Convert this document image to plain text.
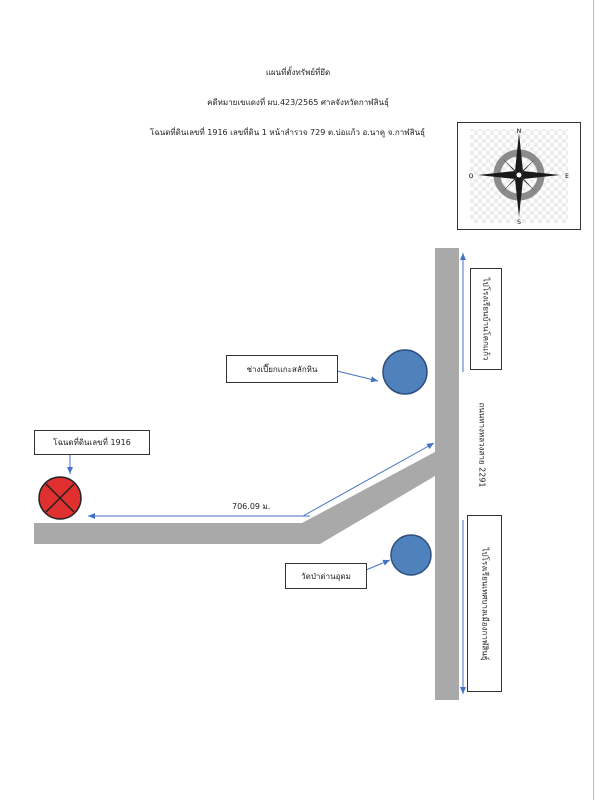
แผนที่ตั้งทรัพย์ที่ยึด
คดีหมายเขแดงที่ ผบ.423/2565 ศาลจังหวัดกาฬสินธุ์
โฉนดที่ดินเลขที่ 1916 เลขที่ดิน 1 หน้าสำรวจ 729 ต.บ่อแก้ว อ.นาคู จ.กาฬสินธุ์	N
S
E
O
โฉนดที่ดินเลขที่ 1916
ช่างเปี๊ยกแกะสลักหิน
วัดป่าด่านอุดม
ไปโรงเรียนบ้านโคกแก้ว
ไปโรงเรียนเทศบาลเมืองกาฬสินธุ์
ถนนทางหลวงสาย 2291
706.09 ม.
